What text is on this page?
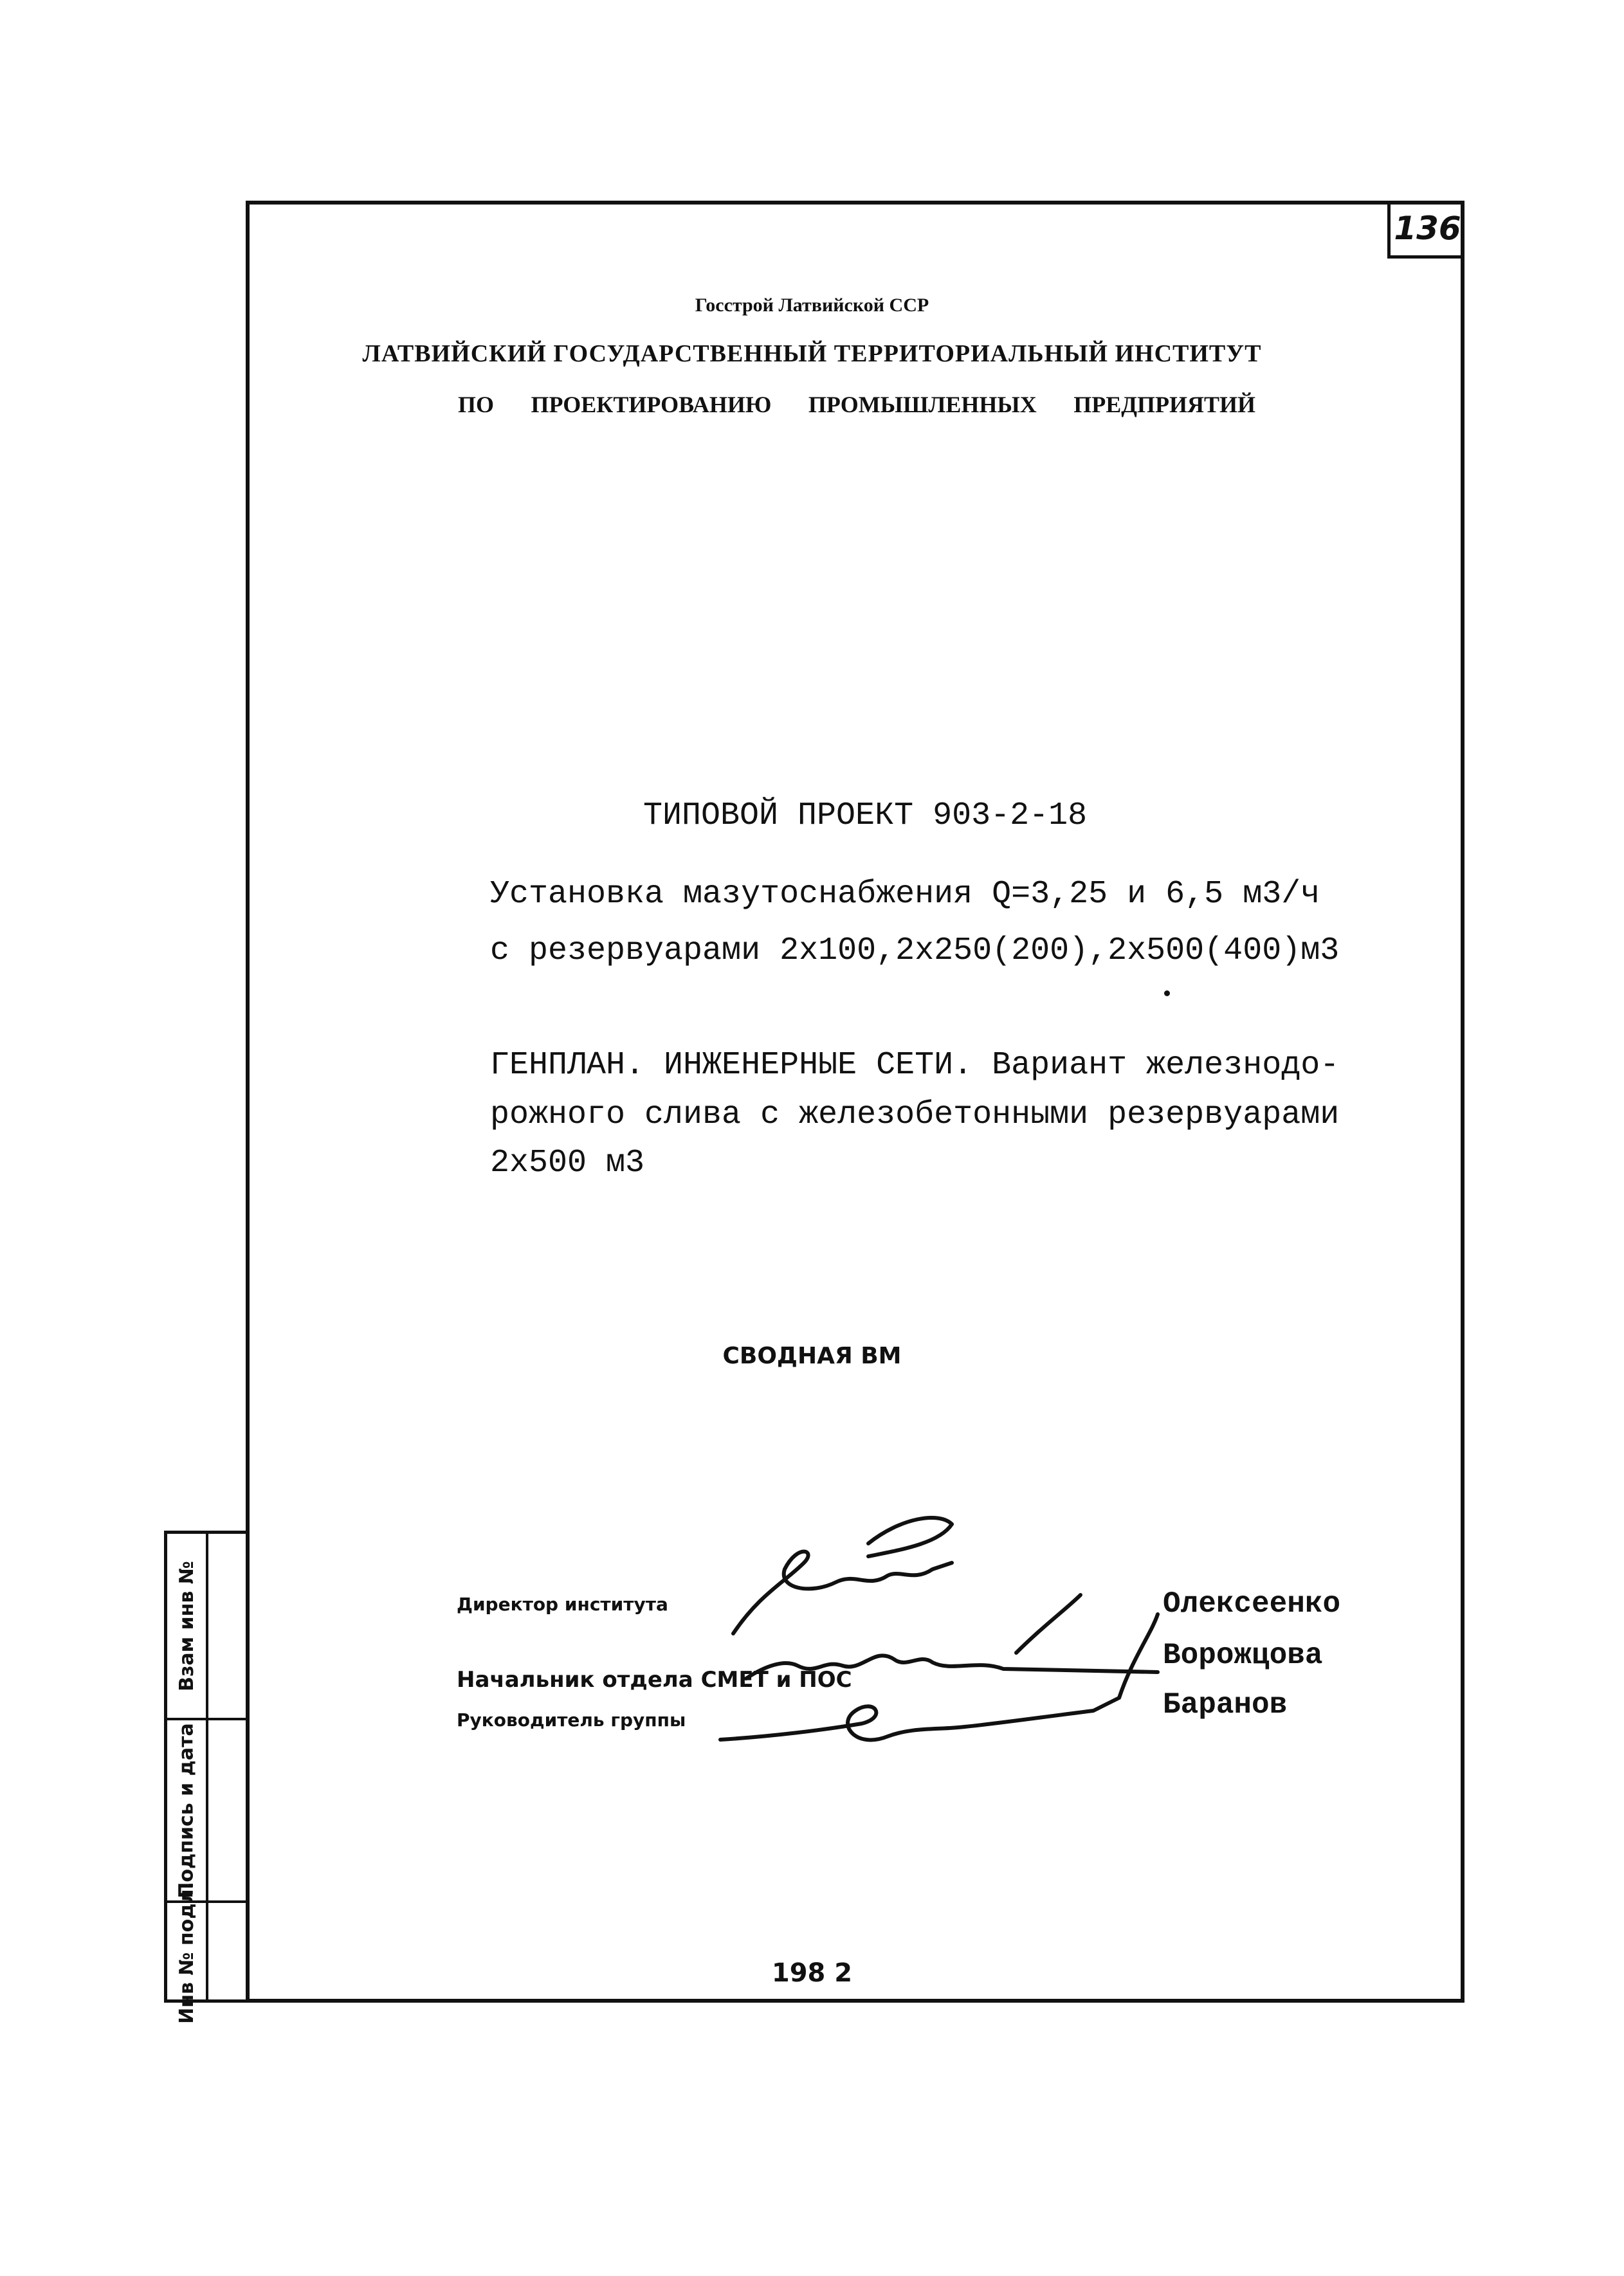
136
Взам инв №
Подпись и дата
Инв № подл.
Госстрой Латвийской ССР
ЛАТВИЙСКИЙ ГОСУДАРСТВЕННЫЙ ТЕРРИТОРИАЛЬНЫЙ ИНСТИТУТ
ПО ПРОЕКТИРОВАНИЮ ПРОМЫШЛЕННЫХ ПРЕДПРИЯТИЙ
ТИПОВОЙ ПРОЕКТ 903-2-18
Установка мазутоснабжения Q=3,25 и 6,5 м3/ч
с резервуарами 2x100,2x250(200),2x500(400)м3
ГЕНПЛАН. ИНЖЕНЕРНЫЕ СЕТИ. Вариант железнодо-
рожного слива с железобетонными резервуарами
2x500 м3
СВОДНАЯ ВМ
Директор института
Начальник отдела СМЕТ и ПОС
Руководитель группы
Олексеенко
Ворожцова
Баранов
198 2
